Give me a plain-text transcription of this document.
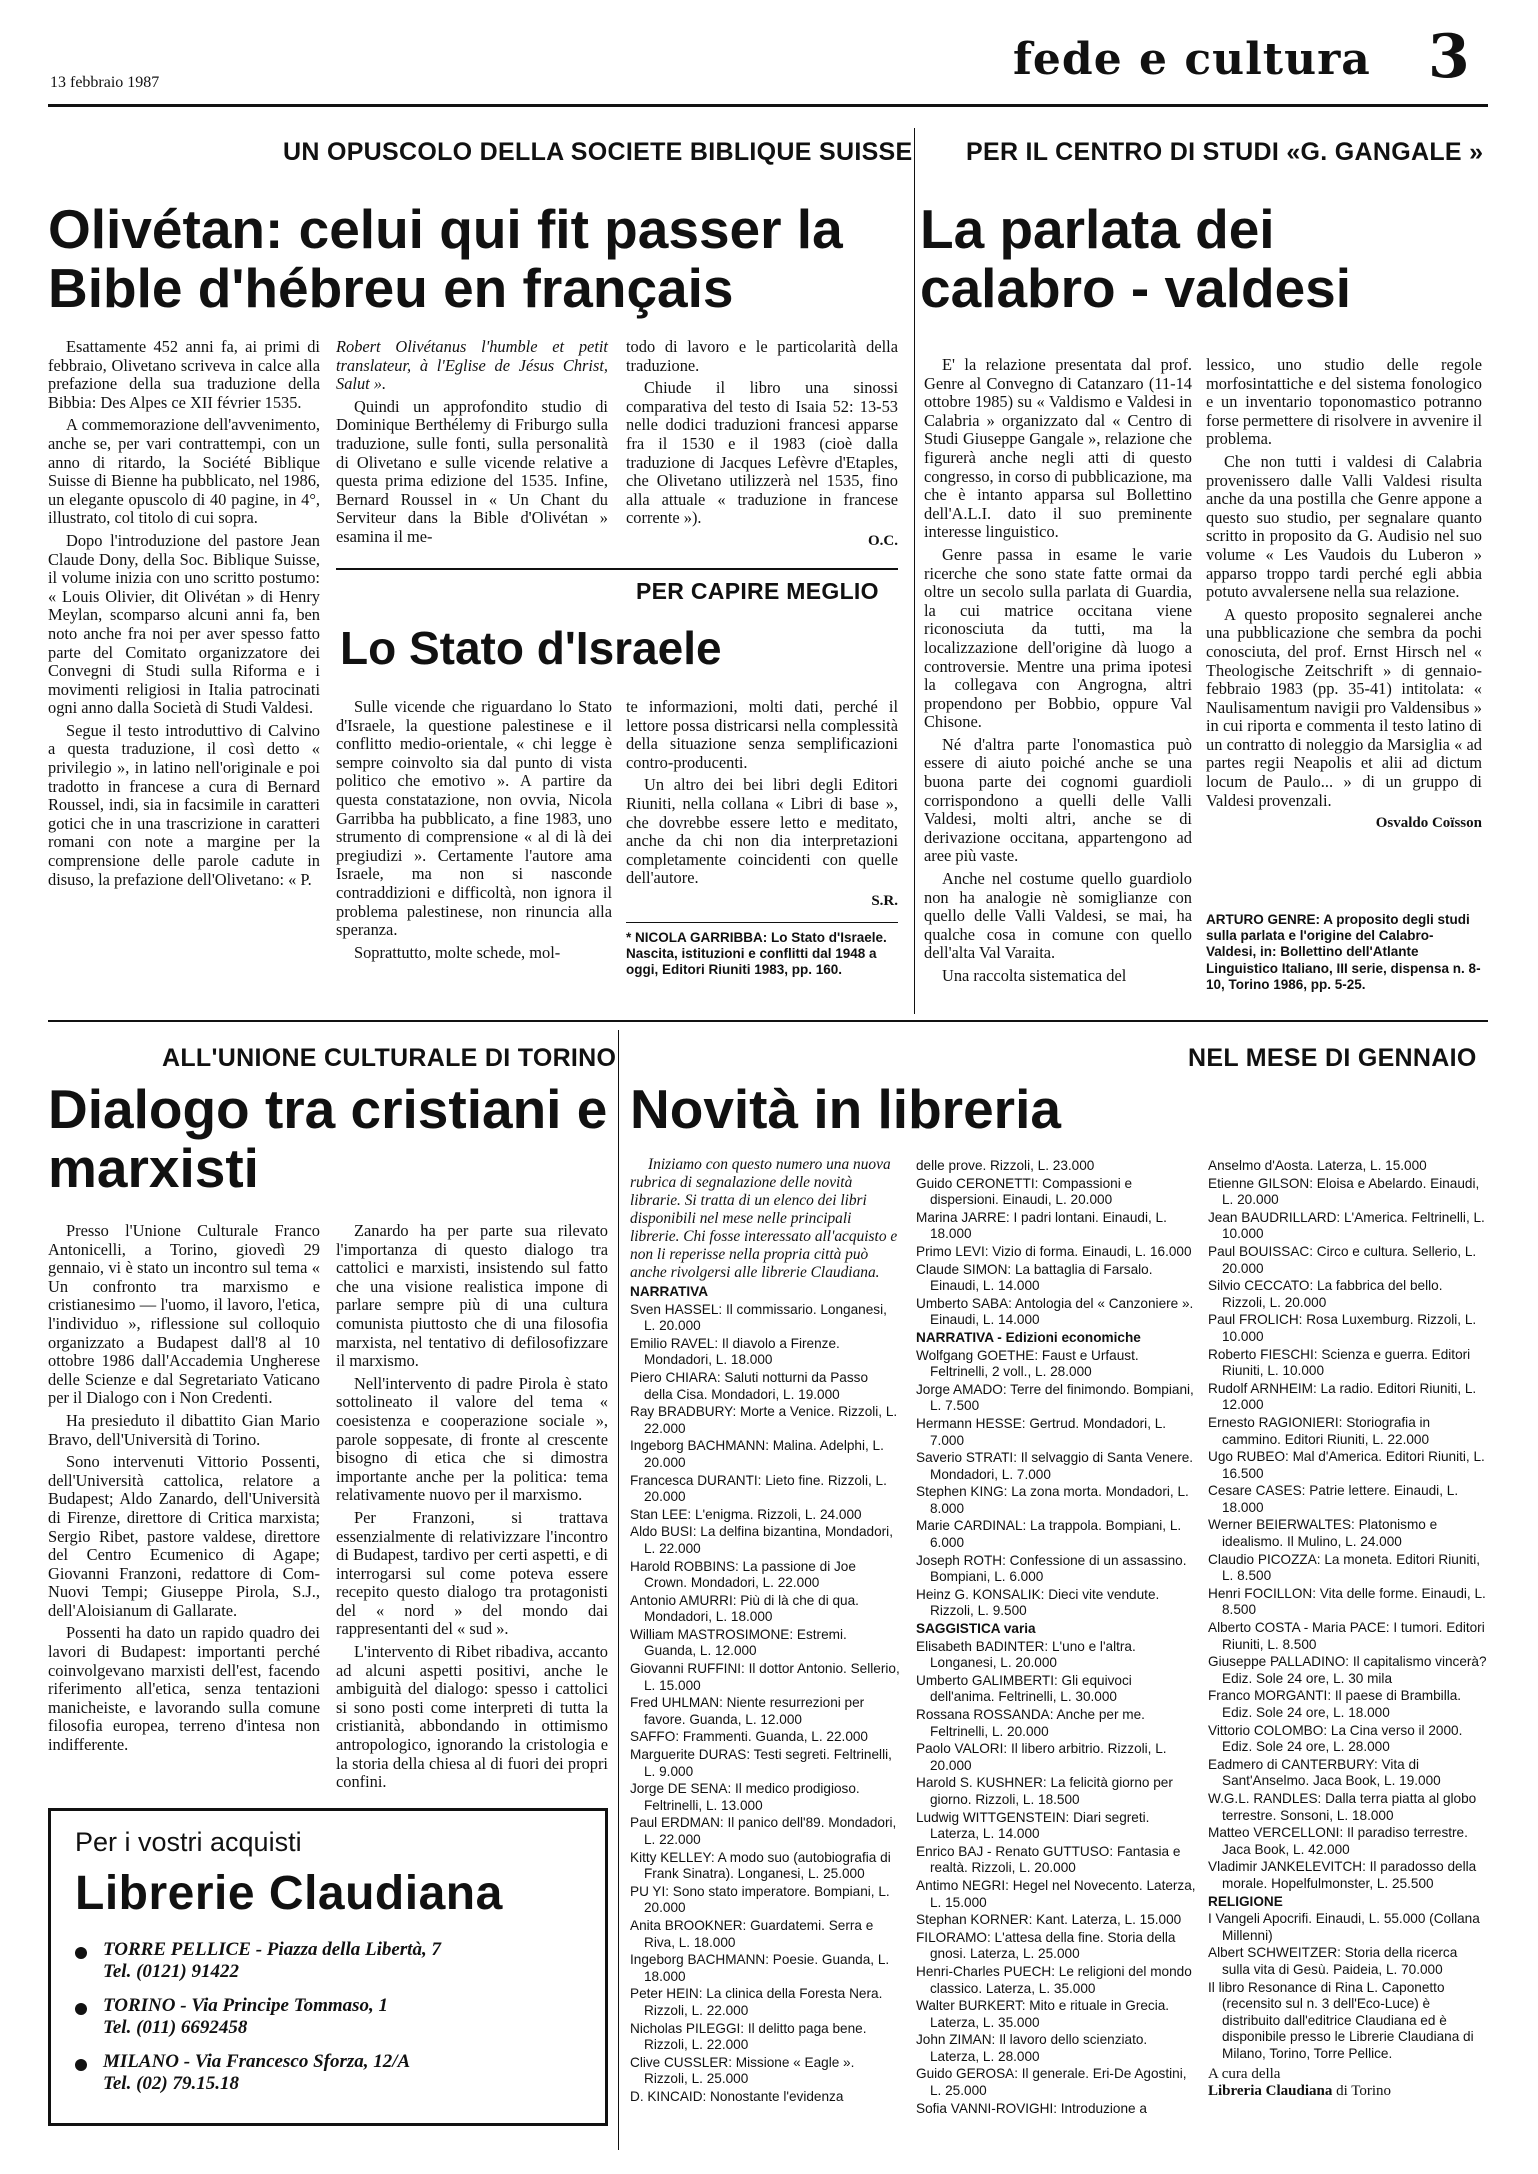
13 febbraio 1987	fede e cultura 3
UN OPUSCOLO DELLA SOCIETE BIBLIQUE SUISSE
Olivétan: celui qui fit passer la Bible d'hébreu en français

Esattamente 452 anni fa, ai primi di febbraio, Olivetano scriveva in calce alla prefazione della sua traduzione della Bibbia: Des Alpes ce XII février 1535.

A commemorazione dell'avvenimento, anche se, per vari contrattempi, con un anno di ritardo, la Société Biblique Suisse di Bienne ha pubblicato, nel 1986, un elegante opuscolo di 40 pagine, in 4°, illustrato, col titolo di cui sopra.

Dopo l'introduzione del pastore Jean Claude Dony, della Soc. Biblique Suisse, il volume inizia con uno scritto postumo: « Louis Olivier, dit Olivétan » di Henry Meylan, scomparso alcuni anni fa, ben noto anche fra noi per aver spesso fatto parte del Comitato organizzatore dei Convegni di Studi sulla Riforma e i movimenti religiosi in Italia patrocinati ogni anno dalla Società di Studi Valdesi.

Segue il testo introduttivo di Calvino a questa traduzione, il così detto « privilegio », in latino nell'originale e poi tradotto in francese a cura di Bernard Roussel, indi, sia in facsimile in caratteri gotici che in una trascrizione in caratteri romani con note a margine per la comprensione delle parole cadute in disuso, la prefazione dell'Olivetano: « P.

Robert Olivétanus l'humble et petit translateur, à l'Eglise de Jésus Christ, Salut ».

Quindi un approfondito studio di Dominique Berthélemy di Friburgo sulla traduzione, sulle fonti, sulla personalità di Olivetano e sulle vicende relative a questa prima edizione del 1535. Infine, Bernard Roussel in « Un Chant du Serviteur dans la Bible d'Olivétan » esamina il me-

todo di lavoro e le particolarità della traduzione.

Chiude il libro una sinossi comparativa del testo di Isaia 52: 13-53 nelle dodici traduzioni francesi apparse fra il 1530 e il 1983 (cioè dalla traduzione di Jacques Lefèvre d'Etaples, che Olivetano utilizzerà nel 1535, fino alla attuale « traduzione in francese corrente »).

O.C.
PER CAPIRE MEGLIO
Lo Stato d'Israele

Sulle vicende che riguardano lo Stato d'Israele, la questione palestinese e il conflitto medio-orientale, « chi legge è sempre coinvolto sia dal punto di vista politico che emotivo ». A partire da questa constatazione, non ovvia, Nicola Garribba ha pubblicato, a fine 1983, uno strumento di comprensione « al di là dei pregiudizi ». Certamente l'autore ama Israele, ma non si nasconde contraddizioni e difficoltà, non ignora il problema palestinese, non rinuncia alla speranza.

Soprattutto, molte schede, mol-

te informazioni, molti dati, perché il lettore possa districarsi nella complessità della situazione senza semplificazioni contro-producenti.

Un altro dei bei libri degli Editori Riuniti, nella collana « Libri di base », che dovrebbe essere letto e meditato, anche da chi non dia interpretazioni completamente coincidenti con quelle dell'autore.

S.R.
* NICOLA GARRIBBA: Lo Stato d'Israele. Nascita, istituzioni e conflitti dal 1948 a oggi, Editori Riuniti 1983, pp. 160.
PER IL CENTRO DI STUDI «G. GANGALE »
La parlata dei calabro - valdesi

E' la relazione presentata dal prof. Genre al Convegno di Catanzaro (11-14 ottobre 1985) su « Valdismo e Valdesi in Calabria » organizzato dal « Centro di Studi Giuseppe Gangale », relazione che figurerà anche negli atti di questo congresso, in corso di pubblicazione, ma che è intanto apparsa sul Bollettino dell'A.L.I. dato il suo preminente interesse linguistico.

Genre passa in esame le varie ricerche che sono state fatte ormai da oltre un secolo sulla parlata di Guardia, la cui matrice occitana viene riconosciuta da tutti, ma la localizzazione dell'origine dà luogo a controversie. Mentre una prima ipotesi la collegava con Angrogna, altri propendono per Bobbio, oppure Val Chisone.

Né d'altra parte l'onomastica può essere di aiuto poiché anche se una buona parte dei cognomi guardioli corrispondono a quelli delle Valli Valdesi, molti altri, anche se di derivazione occitana, appartengono ad aree più vaste.

Anche nel costume quello guardiolo non ha analogie nè somiglianze con quello delle Valli Valdesi, se mai, ha qualche cosa in comune con quello dell'alta Val Varaita.

Una raccolta sistematica del

lessico, uno studio delle regole morfosintattiche e del sistema fonologico e un inventario toponomastico potranno forse permettere di risolvere in avvenire il problema.

Che non tutti i valdesi di Calabria provenissero dalle Valli Valdesi risulta anche da una postilla che Genre appone a questo suo studio, per segnalare quanto scritto in proposito da G. Audisio nel suo volume « Les Vaudois du Luberon » apparso troppo tardi perché egli abbia potuto avvalersene nella sua relazione.

A questo proposito segnalerei anche una pubblicazione che sembra da pochi conosciuta, del prof. Ernst Hirsch nel « Theologische Zeitschrift » di gennaio-febbraio 1983 (pp. 35-41) intitolata: « Naulisamentum navigii pro Valdensibus » in cui riporta e commenta il testo latino di un contratto di noleggio da Marsiglia « ad partes regii Neapolis et alii ad dictum locum de Paulo... » di un gruppo di Valdesi provenzali.

Osvaldo Coïsson
ARTURO GENRE: A proposito degli studi sulla parlata e l'origine del Calabro-Valdesi, in: Bollettino dell'Atlante Linguistico Italiano, III serie, dispensa n. 8-10, Torino 1986, pp. 5-25.
ALL'UNIONE CULTURALE DI TORINO
Dialogo tra cristiani e marxisti

Presso l'Unione Culturale Franco Antonicelli, a Torino, giovedì 29 gennaio, vi è stato un incontro sul tema « Un confronto tra marxismo e cristianesimo — l'uomo, il lavoro, l'etica, l'individuo », riflessione sul colloquio organizzato a Budapest dall'8 al 10 ottobre 1986 dall'Accademia Ungherese delle Scienze e dal Segretariato Vaticano per il Dialogo con i Non Credenti.

Ha presieduto il dibattito Gian Mario Bravo, dell'Università di Torino.

Sono intervenuti Vittorio Possenti, dell'Università cattolica, relatore a Budapest; Aldo Zanardo, dell'Università di Firenze, direttore di Critica marxista; Sergio Ribet, pastore valdese, direttore del Centro Ecumenico di Agape; Giovanni Franzoni, redattore di Com-Nuovi Tempi; Giuseppe Pirola, S.J., dell'Aloisianum di Gallarate.

Possenti ha dato un rapido quadro dei lavori di Budapest: importanti perché coinvolgevano marxisti dell'est, facendo riferimento all'etica, senza tentazioni manicheiste, e lavorando sulla comune filosofia europea, terreno d'intesa non indifferente.

Zanardo ha per parte sua rilevato l'importanza di questo dialogo tra cattolici e marxisti, insistendo sul fatto che una visione realistica impone di parlare sempre più di una cultura comunista piuttosto che di una filosofia marxista, nel tentativo di defilosofizzare il marxismo.

Nell'intervento di padre Pirola è stato sottolineato il valore del tema « coesistenza e cooperazione sociale », parole soppesate, di fronte al crescente bisogno di etica che si dimostra importante anche per la politica: tema relativamente nuovo per il marxismo.

Per Franzoni, si trattava essenzialmente di relativizzare l'incontro di Budapest, tardivo per certi aspetti, e di interrogarsi sul come poteva essere recepito questo dialogo tra protagonisti del « nord » del mondo dai rappresentanti del « sud ».

L'intervento di Ribet ribadiva, accanto ad alcuni aspetti positivi, anche le ambiguità del dialogo: spesso i cattolici si sono posti come interpreti di tutta la cristianità, abbondando in ottimismo antropologico, ignorando la cristologia e la storia della chiesa al di fuori dei propri confini.

Per i vostri acquisti
Librerie Claudiana
TORRE PELLICE - Piazza della Libertà, 7
Tel. (0121) 91422
TORINO - Via Principe Tommaso, 1
Tel. (011) 6692458
MILANO - Via Francesco Sforza, 12/A
Tel. (02) 79.15.18
NEL MESE DI GENNAIO
Novità in libreria
Iniziamo con questo numero una nuova rubrica di segnalazione delle novità librarie. Si tratta di un elenco dei libri disponibili nel mese nelle principali librerie. Chi fosse interessato all'acquisto e non li reperisse nella propria città può anche rivolgersi alle librerie Claudiana.
NARRATIVA
Sven HASSEL: Il commissario. Longanesi, L. 20.000
Emilio RAVEL: Il diavolo a Firenze. Mondadori, L. 18.000
Piero CHIARA: Saluti notturni da Passo della Cisa. Mondadori, L. 19.000
Ray BRADBURY: Morte a Venice. Rizzoli, L. 22.000
Ingeborg BACHMANN: Malina. Adelphi, L. 20.000
Francesca DURANTI: Lieto fine. Rizzoli, L. 20.000
Stan LEE: L'enigma. Rizzoli, L. 24.000
Aldo BUSI: La delfina bizantina, Mondadori, L. 22.000
Harold ROBBINS: La passione di Joe Crown. Mondadori, L. 22.000
Antonio AMURRI: Più di là che di qua. Mondadori, L. 18.000
William MASTROSIMONE: Estremi. Guanda, L. 12.000
Giovanni RUFFINI: Il dottor Antonio. Sellerio, L. 15.000
Fred UHLMAN: Niente resurrezioni per favore. Guanda, L. 12.000
SAFFO: Frammenti. Guanda, L. 22.000
Marguerite DURAS: Testi segreti. Feltrinelli, L. 9.000
Jorge DE SENA: Il medico prodigioso. Feltrinelli, L. 13.000
Paul ERDMAN: Il panico dell'89. Mondadori, L. 22.000
Kitty KELLEY: A modo suo (autobiografia di Frank Sinatra). Longanesi, L. 25.000
PU YI: Sono stato imperatore. Bompiani, L. 20.000
Anita BROOKNER: Guardatemi. Serra e Riva, L. 18.000
Ingeborg BACHMANN: Poesie. Guanda, L. 18.000
Peter HEIN: La clinica della Foresta Nera. Rizzoli, L. 22.000
Nicholas PILEGGI: Il delitto paga bene. Rizzoli, L. 22.000
Clive CUSSLER: Missione « Eagle ». Rizzoli, L. 25.000
D. KINCAID: Nonostante l'evidenza
delle prove. Rizzoli, L. 23.000
Guido CERONETTI: Compassioni e dispersioni. Einaudi, L. 20.000
Marina JARRE: I padri lontani. Einaudi, L. 18.000
Primo LEVI: Vizio di forma. Einaudi, L. 16.000
Claude SIMON: La battaglia di Farsalo. Einaudi, L. 14.000
Umberto SABA: Antologia del « Canzoniere ». Einaudi, L. 14.000
NARRATIVA - Edizioni economiche
Wolfgang GOETHE: Faust e Urfaust. Feltrinelli, 2 voll., L. 28.000
Jorge AMADO: Terre del finimondo. Bompiani, L. 7.500
Hermann HESSE: Gertrud. Mondadori, L. 7.000
Saverio STRATI: Il selvaggio di Santa Venere. Mondadori, L. 7.000
Stephen KING: La zona morta. Mondadori, L. 8.000
Marie CARDINAL: La trappola. Bompiani, L. 6.000
Joseph ROTH: Confessione di un assassino. Bompiani, L. 6.000
Heinz G. KONSALIK: Dieci vite vendute. Rizzoli, L. 9.500
SAGGISTICA varia
Elisabeth BADINTER: L'uno e l'altra. Longanesi, L. 20.000
Umberto GALIMBERTI: Gli equivoci dell'anima. Feltrinelli, L. 30.000
Rossana ROSSANDA: Anche per me. Feltrinelli, L. 20.000
Paolo VALORI: Il libero arbitrio. Rizzoli, L. 20.000
Harold S. KUSHNER: La felicità giorno per giorno. Rizzoli, L. 18.500
Ludwig WITTGENSTEIN: Diari segreti. Laterza, L. 14.000
Enrico BAJ - Renato GUTTUSO: Fantasia e realtà. Rizzoli, L. 20.000
Antimo NEGRI: Hegel nel Novecento. Laterza, L. 15.000
Stephan KORNER: Kant. Laterza, L. 15.000
FILORAMO: L'attesa della fine. Storia della gnosi. Laterza, L. 25.000
Henri-Charles PUECH: Le religioni del mondo classico. Laterza, L. 35.000
Walter BURKERT: Mito e rituale in Grecia. Laterza, L. 35.000
John ZIMAN: Il lavoro dello scienziato. Laterza, L. 28.000
Guido GEROSA: Il generale. Eri-De Agostini, L. 25.000
Sofia VANNI-ROVIGHI: Introduzione a
Anselmo d'Aosta. Laterza, L. 15.000
Etienne GILSON: Eloisa e Abelardo. Einaudi, L. 20.000
Jean BAUDRILLARD: L'America. Feltrinelli, L. 10.000
Paul BOUISSAC: Circo e cultura. Sellerio, L. 20.000
Silvio CECCATO: La fabbrica del bello. Rizzoli, L. 20.000
Paul FROLICH: Rosa Luxemburg. Rizzoli, L. 10.000
Roberto FIESCHI: Scienza e guerra. Editori Riuniti, L. 10.000
Rudolf ARNHEIM: La radio. Editori Riuniti, L. 12.000
Ernesto RAGIONIERI: Storiografia in cammino. Editori Riuniti, L. 22.000
Ugo RUBEO: Mal d'America. Editori Riuniti, L. 16.500
Cesare CASES: Patrie lettere. Einaudi, L. 18.000
Werner BEIERWALTES: Platonismo e idealismo. Il Mulino, L. 24.000
Claudio PICOZZA: La moneta. Editori Riuniti, L. 8.500
Henri FOCILLON: Vita delle forme. Einaudi, L. 8.500
Alberto COSTA - Maria PACE: I tumori. Editori Riuniti, L. 8.500
Giuseppe PALLADINO: Il capitalismo vincerà? Ediz. Sole 24 ore, L. 30 mila
Franco MORGANTI: Il paese di Brambilla. Ediz. Sole 24 ore, L. 18.000
Vittorio COLOMBO: La Cina verso il 2000. Ediz. Sole 24 ore, L. 28.000
Eadmero di CANTERBURY: Vita di Sant'Anselmo. Jaca Book, L. 19.000
W.G.L. RANDLES: Dalla terra piatta al globo terrestre. Sonsoni, L. 18.000
Matteo VERCELLONI: Il paradiso terrestre. Jaca Book, L. 42.000
Vladimir JANKELEVITCH: Il paradosso della morale. Hopelfulmonster, L. 25.500
RELIGIONE
I Vangeli Apocrifi. Einaudi, L. 55.000 (Collana Millenni)
Albert SCHWEITZER: Storia della ricerca sulla vita di Gesù. Paideia, L. 70.000
Il libro Resonance di Rina L. Caponetto (recensito sul n. 3 dell'Eco-Luce) è distribuito dall'editrice Claudiana ed è disponibile presso le Librerie Claudiana di Milano, Torino, Torre Pellice.
A cura della
Libreria Claudiana di Torino
